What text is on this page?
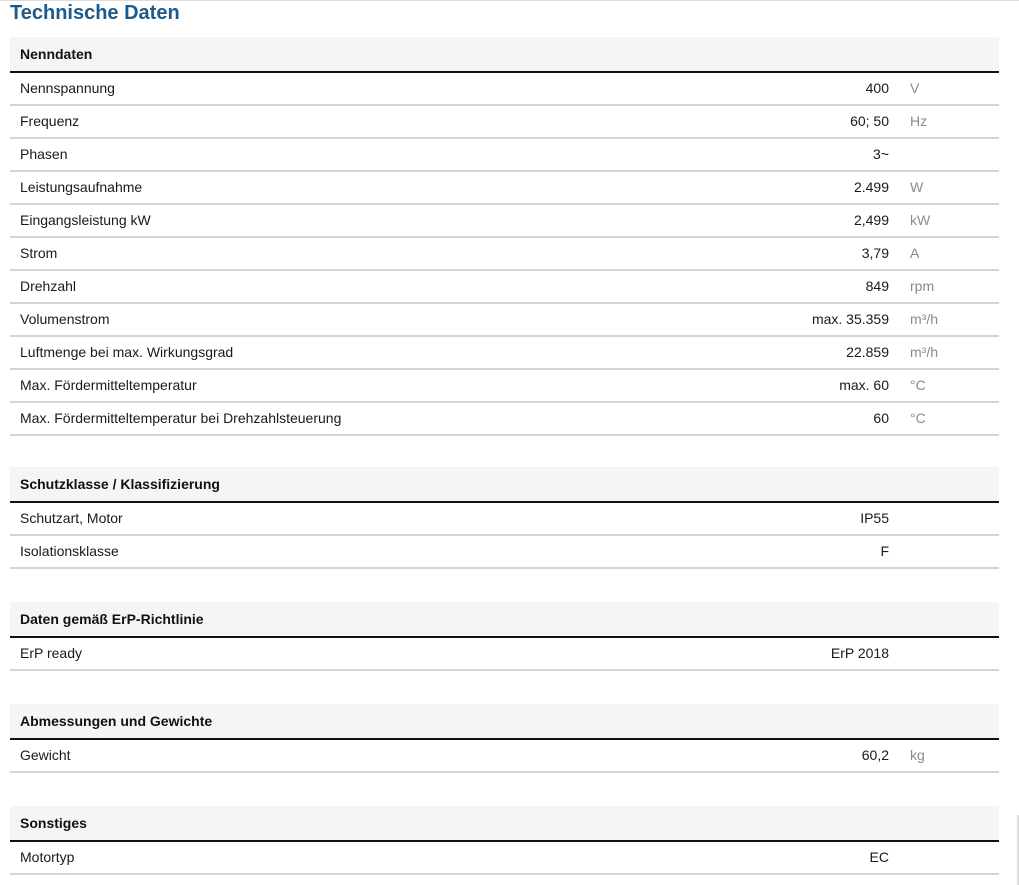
Technische Daten
Nenndaten
Nennspannung	400 V
Frequenz	60; 50 Hz
Phasen	3~
Leistungsaufnahme	2.499 W
Eingangsleistung kW	2,499 kW
Strom	3,79 A
Drehzahl	849 rpm
Volumenstrom	max. 35.359 m³/h
Luftmenge bei max. Wirkungsgrad	22.859 m³/h
Max. Fördermitteltemperatur	max. 60 °C
Max. Fördermitteltemperatur bei Drehzahlsteuerung	60 °C
Schutzklasse / Klassifizierung
Schutzart, Motor	IP55
Isolationsklasse	F
Daten gemäß ErP-Richtlinie
ErP ready	ErP 2018
Abmessungen und Gewichte
Gewicht	60,2 kg
Sonstiges
Motortyp	EC
